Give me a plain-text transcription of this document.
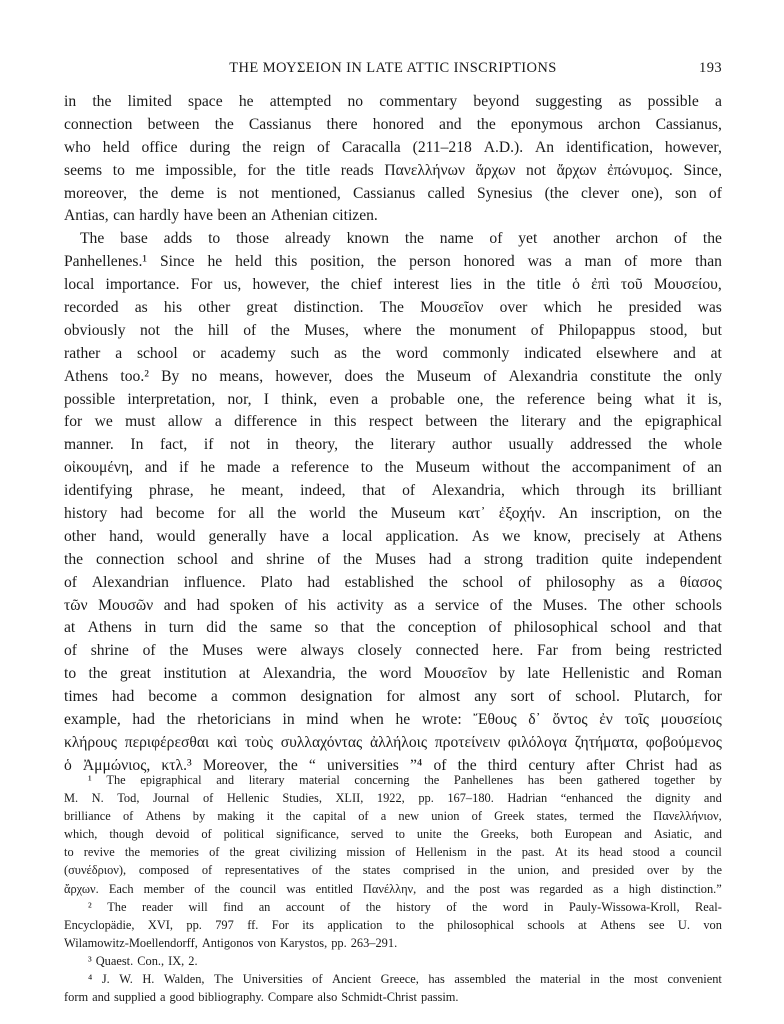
THE ΜΟΥΣΕΙΟΝ IN LATE ATTIC INSCRIPTIONS	193
in the limited space he attempted no commentary beyond suggesting as possible a
connection between the Cassianus there honored and the eponymous archon Cassianus,
who held office during the reign of Caracalla (211–218 A.D.). An identification, however,
seems to me impossible, for the title reads Πανελλήνων ἄρχων not ἄρχων ἐπώνυμος. Since,
moreover, the deme is not mentioned, Cassianus called Synesius (the clever one), son of
Antias, can hardly have been an Athenian citizen.
The base adds to those already known the name of yet another archon of the
Panhellenes.¹ Since he held this position, the person honored was a man of more than
local importance. For us, however, the chief interest lies in the title ὁ ἐπὶ τοῦ Μουσείου,
recorded as his other great distinction. The Μουσεῖον over which he presided was
obviously not the hill of the Muses, where the monument of Philopappus stood, but
rather a school or academy such as the word commonly indicated elsewhere and at
Athens too.² By no means, however, does the Museum of Alexandria constitute the only
possible interpretation, nor, I think, even a probable one, the reference being what it is,
for we must allow a difference in this respect between the literary and the epigraphical
manner. In fact, if not in theory, the literary author usually addressed the whole
οἰκουμένη, and if he made a reference to the Museum without the accompaniment of an
identifying phrase, he meant, indeed, that of Alexandria, which through its brilliant
history had become for all the world the Museum κατ᾿ ἐξοχήν. An inscription, on the
other hand, would generally have a local application. As we know, precisely at Athens
the connection school and shrine of the Muses had a strong tradition quite independent
of Alexandrian influence. Plato had established the school of philosophy as a θίασος
τῶν Μουσῶν and had spoken of his activity as a service of the Muses. The other schools
at Athens in turn did the same so that the conception of philosophical school and that
of shrine of the Muses were always closely connected here. Far from being restricted
to the great institution at Alexandria, the word Μουσεῖον by late Hellenistic and Roman
times had become a common designation for almost any sort of school. Plutarch, for
example, had the rhetoricians in mind when he wrote: Ἔθους δ᾿ ὄντος ἐν τοῖς μουσείοις
κλήρους περιφέρεσθαι καὶ τοὺς συλλαχόντας ἀλλήλοις προτείνειν φιλόλογα ζητήματα, φοβούμενος
ὁ Ἀμμώνιος, κτλ.³ Moreover, the “ universities ”⁴ of the third century after Christ had as
¹ The epigraphical and literary material concerning the Panhellenes has been gathered together by
M. N. Tod, Journal of Hellenic Studies, XLII, 1922, pp. 167–180. Hadrian “enhanced the dignity and
brilliance of Athens by making it the capital of a new union of Greek states, termed the Πανελλήνιον,
which, though devoid of political significance, served to unite the Greeks, both European and Asiatic, and
to revive the memories of the great civilizing mission of Hellenism in the past. At its head stood a council
(συνέδριον), composed of representatives of the states comprised in the union, and presided over by the
ἄρχων. Each member of the council was entitled Πανέλλην, and the post was regarded as a high distinction.”
² The reader will find an account of the history of the word in Pauly-Wissowa-Kroll, Real-
Encyclopädie, XVI, pp. 797 ff. For its application to the philosophical schools at Athens see U. von
Wilamowitz-Moellendorff, Antigonos von Karystos, pp. 263–291.
³ Quaest. Con., IX, 2.
⁴ J. W. H. Walden, The Universities of Ancient Greece, has assembled the material in the most convenient
form and supplied a good bibliography. Compare also Schmidt-Christ passim.
